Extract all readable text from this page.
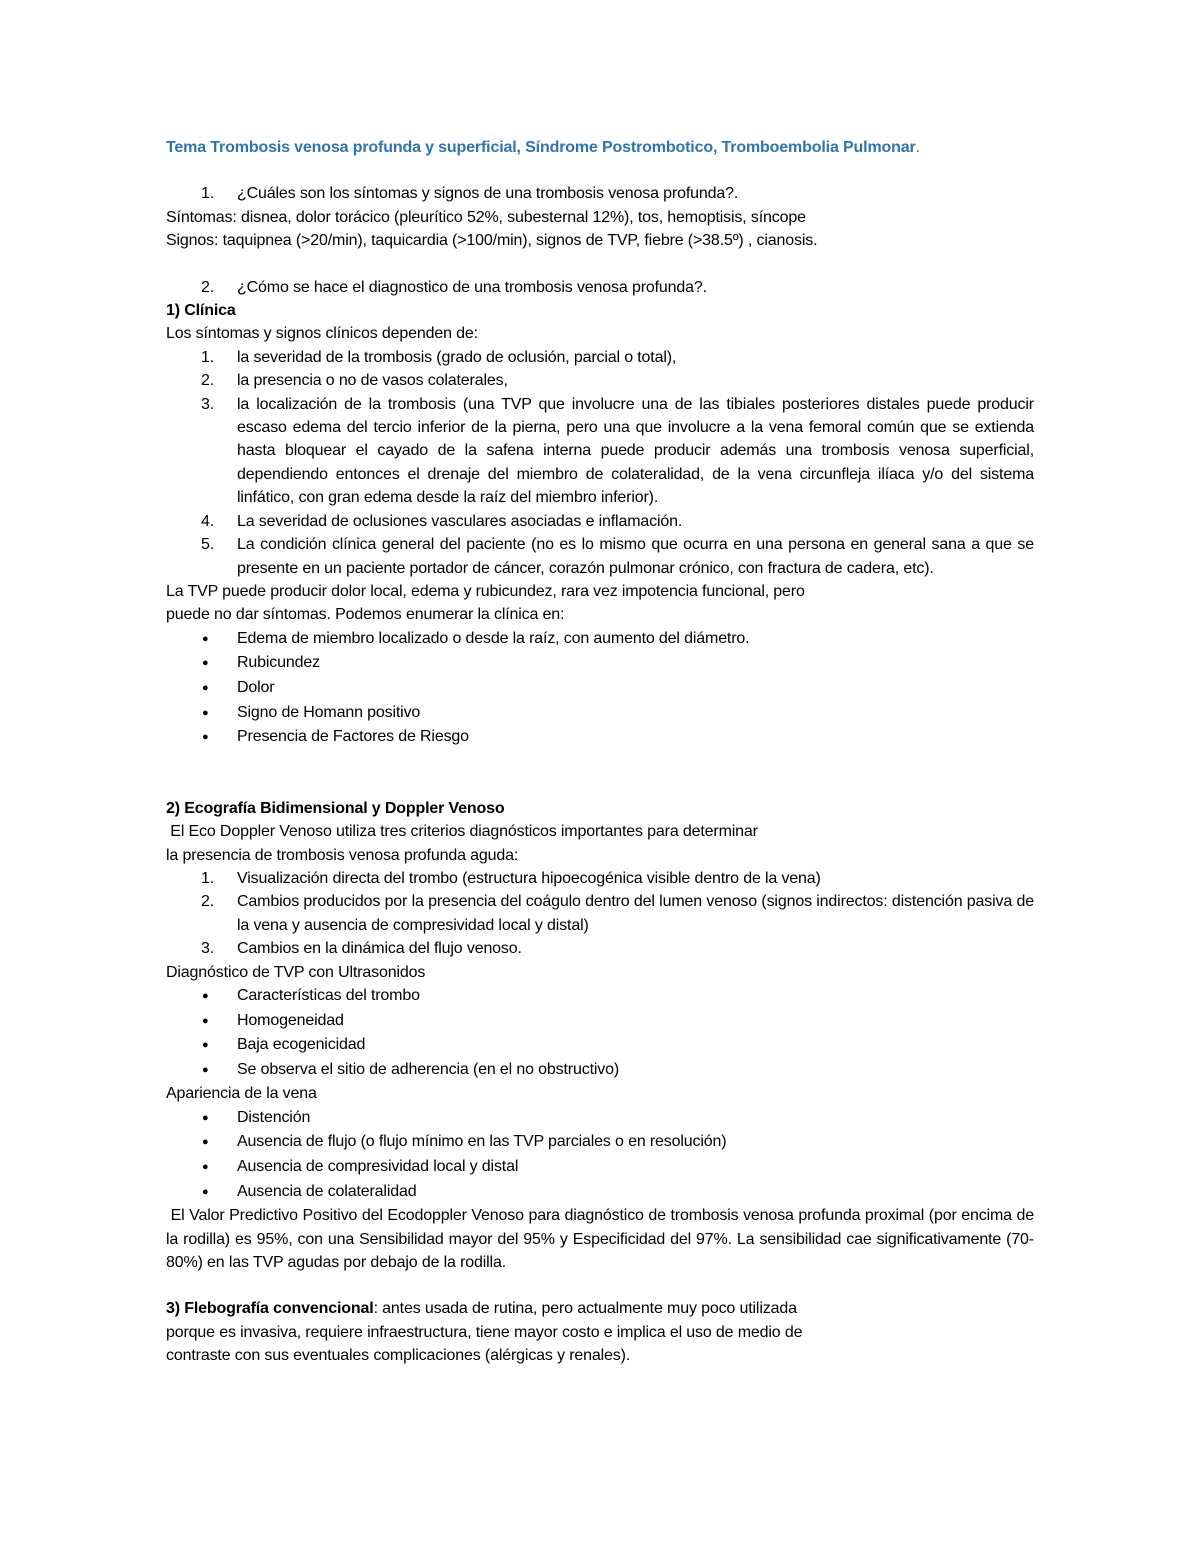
Tema Trombosis venosa profunda y superficial, Síndrome Postrombotico, Tromboembolia Pulmonar.

1. ¿Cuáles son los síntomas y signos de una trombosis venosa profunda?.

Síntomas: disnea, dolor torácico (pleurítico 52%, subesternal 12%), tos, hemoptisis, síncope

Signos: taquipnea (>20/min), taquicardia (>100/min), signos de TVP, fiebre (>38.5º) , cianosis.

2. ¿Cómo se hace el diagnostico de una trombosis venosa profunda?.

1) Clínica

Los síntomas y signos clínicos dependen de:

1. la severidad de la trombosis (grado de oclusión, parcial o total),
2. la presencia o no de vasos colaterales,
3. la localización de la trombosis (una TVP que involucre una de las tibiales posteriores distales puede producir escaso edema del tercio inferior de la pierna, pero una que involucre a la vena femoral común que se extienda hasta bloquear el cayado de la safena interna puede producir además una trombosis venosa superficial, dependiendo entonces el drenaje del miembro de colateralidad, de la vena circunfleja ilíaca y/o del sistema linfático, con gran edema desde la raíz del miembro inferior).
4. La severidad de oclusiones vasculares asociadas e inflamación.
5. La condición clínica general del paciente (no es lo mismo que ocurra en una persona en general sana a que se presente en un paciente portador de cáncer, corazón pulmonar crónico, con fractura de cadera, etc).

La TVP puede producir dolor local, edema y rubicundez, rara vez impotencia funcional, pero

puede no dar síntomas. Podemos enumerar la clínica en:

● Edema de miembro localizado o desde la raíz, con aumento del diámetro.
● Rubicundez
● Dolor
● Signo de Homann positivo
● Presencia de Factores de Riesgo

2) Ecografía Bidimensional y Doppler Venoso

El Eco Doppler Venoso utiliza tres criterios diagnósticos importantes para determinar

la presencia de trombosis venosa profunda aguda:

1. Visualización directa del trombo (estructura hipoecogénica visible dentro de la vena)
2. Cambios producidos por la presencia del coágulo dentro del lumen venoso (signos indirectos: distención pasiva de la vena y ausencia de compresividad local y distal)
3. Cambios en la dinámica del flujo venoso.

Diagnóstico de TVP con Ultrasonidos

● Características del trombo
● Homogeneidad
● Baja ecogenicidad
● Se observa el sitio de adherencia (en el no obstructivo)

Apariencia de la vena

● Distención
● Ausencia de flujo (o flujo mínimo en las TVP parciales o en resolución)
● Ausencia de compresividad local y distal
● Ausencia de colateralidad

El Valor Predictivo Positivo del Ecodoppler Venoso para diagnóstico de trombosis venosa profunda proximal (por encima de la rodilla) es 95%, con una Sensibilidad mayor del 95% y Especificidad del 97%. La sensibilidad cae significativamente (70-80%) en las TVP agudas por debajo de la rodilla.

3) Flebografía convencional: antes usada de rutina, pero actualmente muy poco utilizada

porque es invasiva, requiere infraestructura, tiene mayor costo e implica el uso de medio de

contraste con sus eventuales complicaciones (alérgicas y renales).
